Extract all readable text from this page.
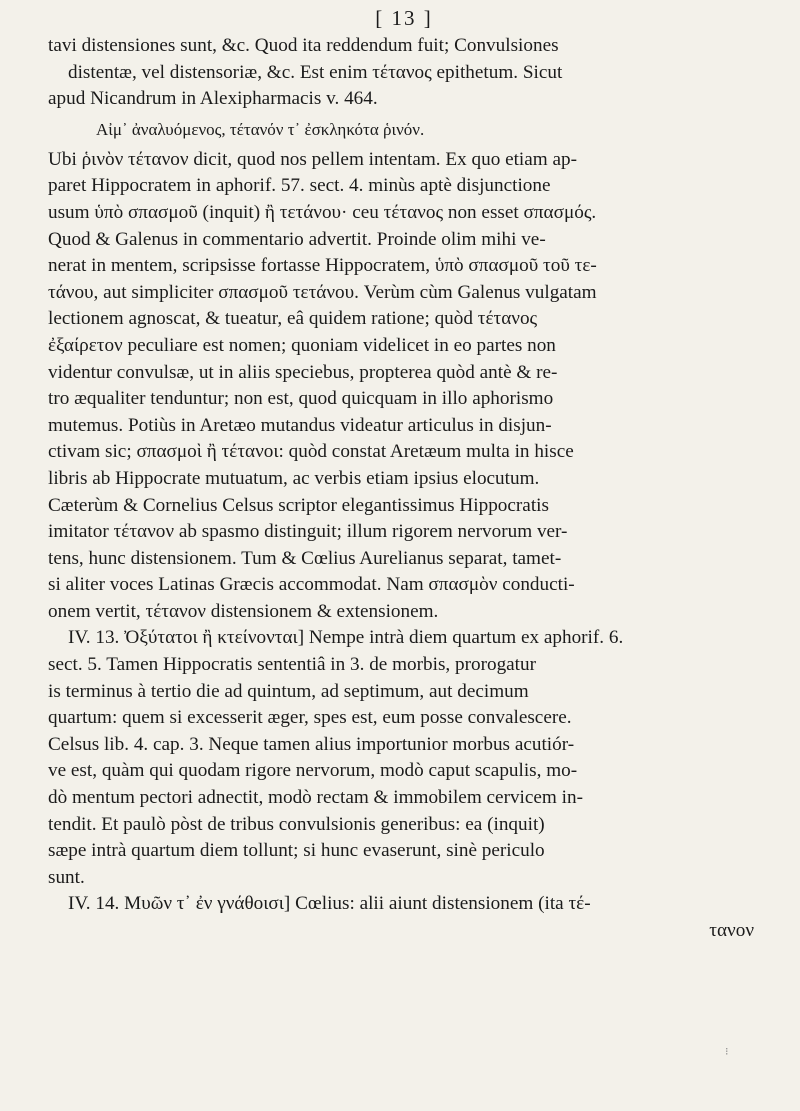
[ 13 ]
tavi distensiones sunt, &c. Quod ita reddendum fuit; Convulsiones
distentæ, vel distensoriæ, &c. Est enim τέτανος epithetum. Sicut
apud Nicandrum in Alexipharmacis v. 464.
Αἰμ᾽ ἀναλυόμενος, τέτανόν τ᾽ ἐσκληκότα ῥινόν.
Ubi ῥινὸν τέτανον dicit, quod nos pellem intentam. Ex quo etiam ap-
paret Hippocratem in aphorif. 57. sect. 4. minùs aptè disjunctione
usum ὑπὸ σπασμοῦ (inquit) ἢ τετάνου· ceu τέτανος non esset σπασμός.
Quod & Galenus in commentario advertit. Proinde olim mihi ve-
nerat in mentem, scripsisse fortasse Hippocratem, ὑπὸ σπασμοῦ τοῦ τε-
τάνου, aut simpliciter σπασμοῦ τετάνου. Verùm cùm Galenus vulgatam
lectionem agnoscat, & tueatur, eâ quidem ratione; quòd τέτανος
ἐξαίρετον peculiare est nomen; quoniam videlicet in eo partes non
videntur convulsæ, ut in aliis speciebus, propterea quòd antè & re-
tro æqualiter tenduntur; non est, quod quicquam in illo aphorismo
mutemus. Potiùs in Aretæo mutandus videatur articulus in disjun-
ctivam sic; σπασμοὶ ἢ τέτανοι: quòd constat Aretæum multa in hisce
libris ab Hippocrate mutuatum, ac verbis etiam ipsius elocutum.
Cæterùm & Cornelius Celsus scriptor elegantissimus Hippocratis
imitator τέτανον ab spasmo distinguit; illum rigorem nervorum ver-
tens, hunc distensionem. Tum & Cœlius Aurelianus separat, tamet-
si aliter voces Latinas Græcis accommodat. Nam σπασμὸν conducti-
onem vertit, τέτανον distensionem & extensionem.
IV. 13. Ὀξύτατοι ἢ κτείνονται] Nempe intrà diem quartum ex aphorif. 6.
sect. 5. Tamen Hippocratis sententiâ in 3. de morbis, prorogatur
is terminus à tertio die ad quintum, ad septimum, aut decimum
quartum: quem si excesserit æger, spes est, eum posse convalescere.
Celsus lib. 4. cap. 3. Neque tamen alius importunior morbus acutiór-
ve est, quàm qui quodam rigore nervorum, modò caput scapulis, mo-
dò mentum pectori adnectit, modò rectam & immobilem cervicem in-
tendit. Et paulò pòst de tribus convulsionis generibus: ea (inquit)
sæpe intrà quartum diem tollunt; si hunc evaserunt, sinè periculo
sunt.
IV. 14. Μυῶν τ᾽ ἐν γνάθοισι] Cœlius: alii aiunt distensionem (ita τέ-
τανον
⁝
